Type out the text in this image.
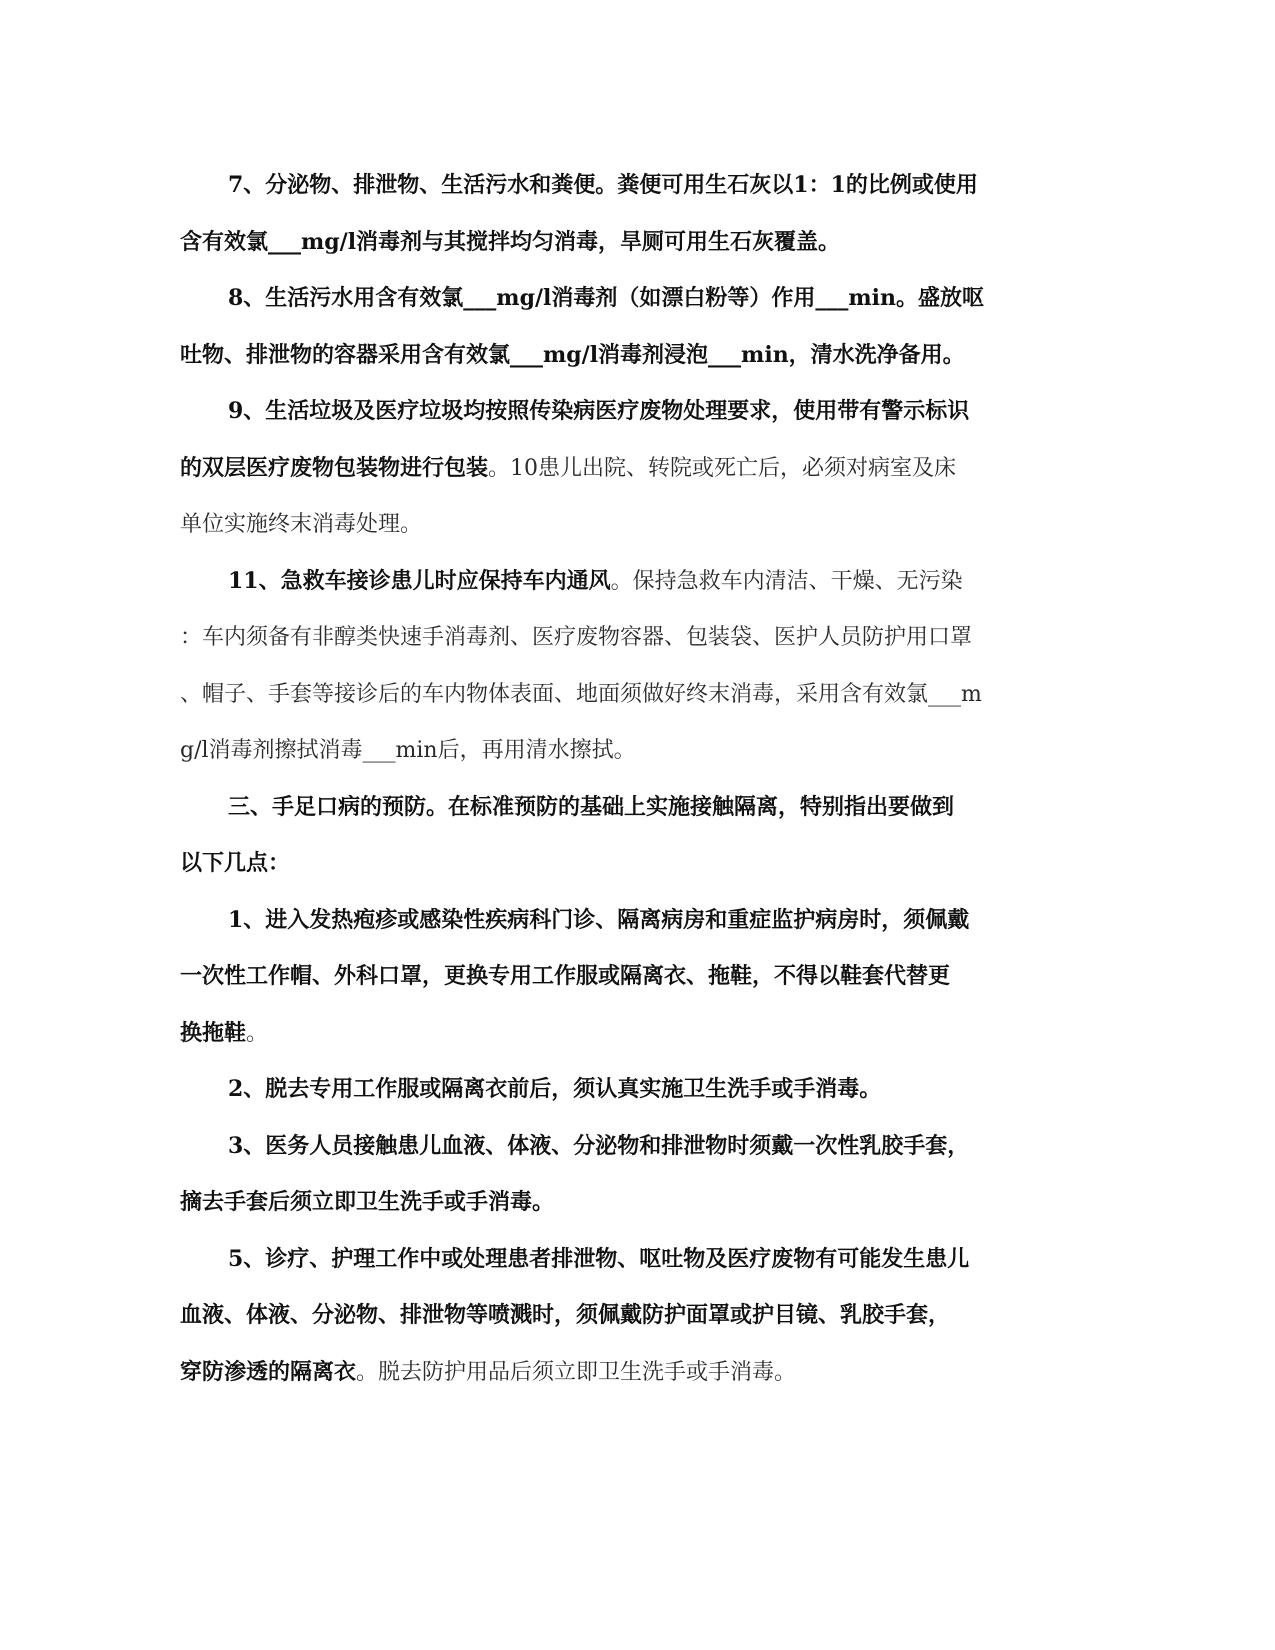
7、分泌物、排泄物、生活污水和粪便。粪便可用生石灰以1：1的比例或使用
含有效氯___mg/l消毒剂与其搅拌均匀消毒，旱厕可用生石灰覆盖。
8、生活污水用含有效氯___mg/l消毒剂（如漂白粉等）作用___min。盛放呕
吐物、排泄物的容器采用含有效氯___mg/l消毒剂浸泡___min，清水洗净备用。
9、生活垃圾及医疗垃圾均按照传染病医疗废物处理要求，使用带有警示标识
的双层医疗废物包装物进行包装。10患儿出院、转院或死亡后，必须对病室及床
单位实施终末消毒处理。
11、急救车接诊患儿时应保持车内通风。保持急救车内清洁、干燥、无污染
：车内须备有非醇类快速手消毒剂、医疗废物容器、包装袋、医护人员防护用口罩
、帽子、手套等接诊后的车内物体表面、地面须做好终末消毒，采用含有效氯___m
g/l消毒剂擦拭消毒___min后，再用清水擦拭。
三、手足口病的预防。在标准预防的基础上实施接触隔离，特别指出要做到
以下几点：
1、进入发热疱疹或感染性疾病科门诊、隔离病房和重症监护病房时，须佩戴
一次性工作帽、外科口罩，更换专用工作服或隔离衣、拖鞋，不得以鞋套代替更
换拖鞋。
2、脱去专用工作服或隔离衣前后，须认真实施卫生洗手或手消毒。
3、医务人员接触患儿血液、体液、分泌物和排泄物时须戴一次性乳胶手套，
摘去手套后须立即卫生洗手或手消毒。
5、诊疗、护理工作中或处理患者排泄物、呕吐物及医疗废物有可能发生患儿
血液、体液、分泌物、排泄物等喷溅时，须佩戴防护面罩或护目镜、乳胶手套，
穿防渗透的隔离衣。脱去防护用品后须立即卫生洗手或手消毒。
